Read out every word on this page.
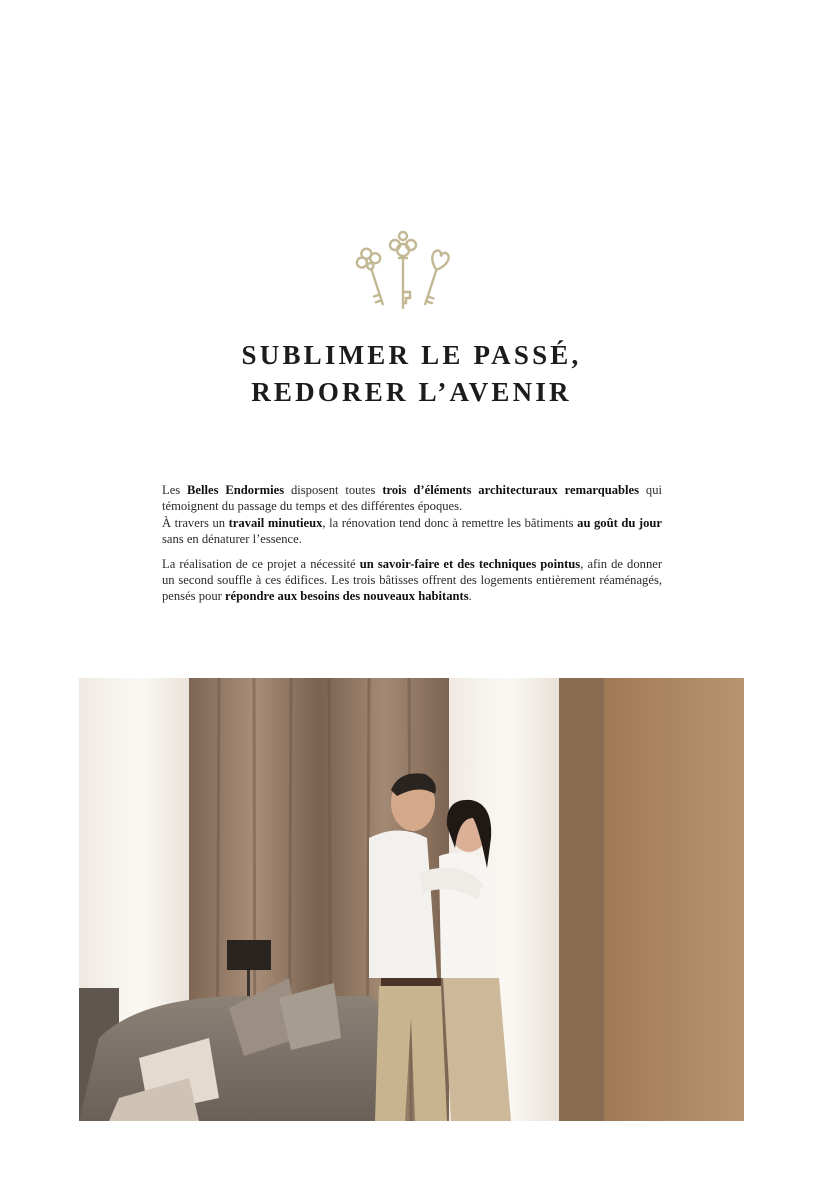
SUBLIMER LE PASSÉ,
REDORER L’AVENIR

Les Belles Endormies disposent toutes trois d’éléments architecturaux remarquables qui témoignent du passage du temps et des différentes époques.
À travers un travail minutieux, la rénovation tend donc à remettre les bâtiments au goût du jour sans en dénaturer l’essence.

La réalisation de ce projet a nécessité un savoir-faire et des techniques pointus, afin de donner un second souffle à ces édifices. Les trois bâtisses offrent des logements entièrement réaménagés, pensés pour répondre aux besoins des nouveaux habitants.
